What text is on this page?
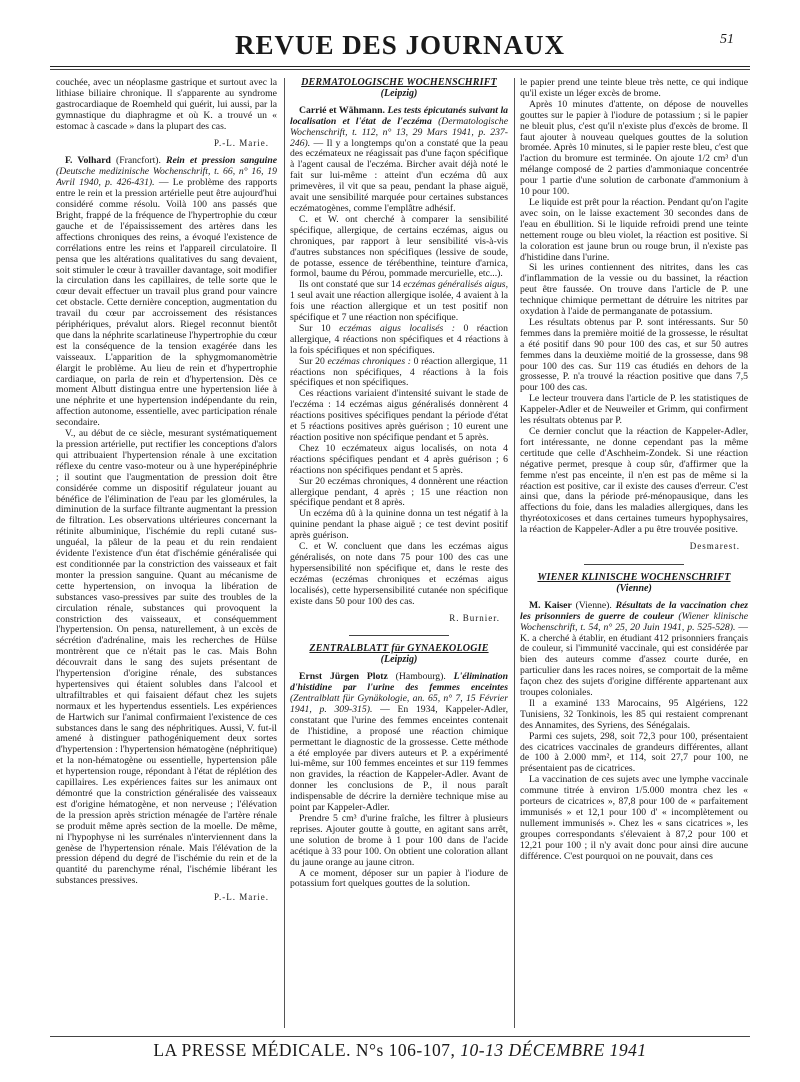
REVUE DES JOURNAUX	51

couchée, avec un néoplasme gastrique et surtout avec la lithiase biliaire chronique. Il s'apparente au syndrome gastrocardiaque de Roemheld qui guérit, lui aussi, par la gymnastique du diaphragme et où K. a trouvé un « estomac à cascade » dans la plupart des cas.

P.-L. Marie.

F. Volhard (Francfort). Rein et pression sanguine (Deutsche medizinische Wochenschrift, t. 66, n° 16, 19 Avril 1940, p. 426-431). — Le problème des rapports entre le rein et la pression artérielle peut être aujourd'hui considéré comme résolu. Voilà 100 ans passés que Bright, frappé de la fréquence de l'hypertrophie du cœur gauche et de l'épaississement des artères dans les affections chroniques des reins, a évoqué l'existence de corrélations entre les reins et l'appareil circulatoire. Il pensa que les altérations qualitatives du sang devaient, soit stimuler le cœur à travailler davantage, soit modifier la circulation dans les capillaires, de telle sorte que le cœur devait effectuer un travail plus grand pour vaincre cet obstacle. Cette dernière conception, augmentation du travail du cœur par accroissement des résistances périphériques, prévalut alors. Riegel reconnut bientôt que dans la néphrite scarlatineuse l'hypertrophie du cœur est la conséquence de la tension exagérée dans les vaisseaux. L'apparition de la sphygmomanomètrie élargit le problème. Au lieu de rein et d'hypertrophie cardiaque, on parla de rein et d'hypertension. Dès ce moment Albutt distingua entre une hypertension liée à une néphrite et une hypertension indépendante du rein, affection autonome, essentielle, avec participation rénale secondaire.

V., au début de ce siècle, mesurant systématiquement la pression artérielle, put rectifier les conceptions d'alors qui attribuaient l'hypertension rénale à une excitation réflexe du centre vaso-moteur ou à une hyperépinéphrie ; il soutint que l'augmentation de pression doit être considérée comme un dispositif régulateur jouant au bénéfice de l'élimination de l'eau par les glomérules, la diminution de la surface filtrante augmentant la pression de filtration. Les observations ultérieures concernant la rétinite albuminique, l'ischémie du repli cutané sus-unguéal, la pâleur de la peau et du rein rendaient évidente l'existence d'un état d'ischémie généralisée qui est conditionnée par la constriction des vaisseaux et fait monter la pression sanguine. Quant au mécanisme de cette hypertension, on invoqua la libération de substances vaso-pressives par suite des troubles de la circulation rénale, substances qui provoquent la constriction des vaisseaux, et conséquemment l'hypertension. On pensa, naturellement, à un excès de sécrétion d'adrénaline, mais les recherches de Hülse montrèrent que ce n'était pas le cas. Mais Bohn découvrait dans le sang des sujets présentant de l'hypertension d'origine rénale, des substances hypertensives qui étaient solubles dans l'alcool et ultrafiltrables et qui faisaient défaut chez les sujets normaux et les hypertendus essentiels. Les expériences de Hartwich sur l'animal confirmaient l'existence de ces substances dans le sang des néphritiques. Aussi, V. fut-il amené à distinguer pathogéniquement deux sortes d'hypertension : l'hypertension hématogène (néphritique) et la non-hématogène ou essentielle, hypertension pâle et hypertension rouge, répondant à l'état de réplétion des capillaires. Les expériences faites sur les animaux ont démontré que la constriction généralisée des vaisseaux est d'origine hématogène, et non nerveuse ; l'élévation de la pression après striction ménagée de l'artère rénale se produit même après section de la moelle. De même, ni l'hypophyse ni les surrénales n'interviennent dans la genèse de l'hypertension rénale. Mais l'élévation de la pression dépend du degré de l'ischémie du rein et de la quantité du parenchyme rénal, l'ischémie libérant les substances pressives.

P.-L. Marie.
DERMATOLOGISCHE WOCHENSCHRIFT
(Leipzig)

Carrié et Wähmann. Les tests épicutanés suivant la localisation et l'état de l'eczéma (Dermatologische Wochenschrift, t. 112, n° 13, 29 Mars 1941, p. 237-246). — Il y a longtemps qu'on a constaté que la peau des eczémateux ne réagissait pas d'une façon spécifique à l'agent causal de l'eczéma. Bircher avait déjà noté le fait sur lui-même : atteint d'un eczéma dû aux primevères, il vit que sa peau, pendant la phase aiguë, avait une sensibilité marquée pour certaines substances eczématogènes, comme l'emplâtre adhésif.

C. et W. ont cherché à comparer la sensibilité spécifique, allergique, de certains eczémas, aigus ou chroniques, par rapport à leur sensibilité vis-à-vis d'autres substances non spécifiques (lessive de soude, de potasse, essence de térébenthine, teinture d'arnica, formol, baume du Pérou, pommade mercurielle, etc...).

Ils ont constaté que sur 14 eczémas généralisés aigus, 1 seul avait une réaction allergique isolée, 4 avaient à la fois une réaction allergique et un test positif non spécifique et 7 une réaction non spécifique.

Sur 10 eczémas aigus localisés : 0 réaction allergique, 4 réactions non spécifiques et 4 réactions à la fois spécifiques et non spécifiques.

Sur 20 eczémas chroniques : 0 réaction allergique, 11 réactions non spécifiques, 4 réactions à la fois spécifiques et non spécifiques.

Ces réactions variaient d'intensité suivant le stade de l'eczéma : 14 eczémas aigus généralisés donnèrent 4 réactions positives spécifiques pendant la période d'état et 5 réactions positives après guérison ; 10 eurent une réaction positive non spécifique pendant et 5 après.

Chez 10 eczémateux aigus localisés, on nota 4 réactions spécifiques pendant et 4 après guérison ; 6 réactions non spécifiques pendant et 5 après.

Sur 20 eczémas chroniques, 4 donnèrent une réaction allergique pendant, 4 après ; 15 une réaction non spécifique pendant et 8 après.

Un eczéma dû à la quinine donna un test négatif à la quinine pendant la phase aiguë ; ce test devint positif après guérison.

C. et W. concluent que dans les eczémas aigus généralisés, on note dans 75 pour 100 des cas une hypersensibilité non spécifique et, dans le reste des eczémas (eczémas chroniques et eczémas aigus localisés), cette hypersensibilité cutanée non spécifique existe dans 50 pour 100 des cas.

R. Burnier.
ZENTRALBLATT für GYNAEKOLOGIE
(Leipzig)

Ernst Jürgen Plotz (Hambourg). L'élimination d'histidine par l'urine des femmes enceintes (Zentralblatt für Gynäkologie, an. 65, n° 7, 15 Février 1941, p. 309-315). — En 1934, Kappeler-Adler, constatant que l'urine des femmes enceintes contenait de l'histidine, a proposé une réaction chimique permettant le diagnostic de la grossesse. Cette méthode a été employée par divers auteurs et P. a expérimenté lui-même, sur 100 femmes enceintes et sur 119 femmes non gravides, la réaction de Kappeler-Adler. Avant de donner les conclusions de P., il nous paraît indispensable de décrire la dernière technique mise au point par Kappeler-Adler.

Prendre 5 cm³ d'urine fraîche, les filtrer à plusieurs reprises. Ajouter goutte à goutte, en agitant sans arrêt, une solution de brome à 1 pour 100 dans de l'acide acétique à 33 pour 100. On obtient une coloration allant du jaune orange au jaune citron.

A ce moment, déposer sur un papier à l'iodure de potassium fort quelques gouttes de la solution.

le papier prend une teinte bleue très nette, ce qui indique qu'il existe un léger excès de brome.

Après 10 minutes d'attente, on dépose de nouvelles gouttes sur le papier à l'iodure de potassium ; si le papier ne bleuit plus, c'est qu'il n'existe plus d'excès de brome. Il faut ajouter à nouveau quelques gouttes de la solution bromée. Après 10 minutes, si le papier reste bleu, c'est que l'action du bromure est terminée. On ajoute 1/2 cm³ d'un mélange composé de 2 parties d'ammoniaque concentrée pour 1 partie d'une solution de carbonate d'ammonium à 10 pour 100.

Le liquide est prêt pour la réaction. Pendant qu'on l'agite avec soin, on le laisse exactement 30 secondes dans de l'eau en ébullition. Si le liquide refroidi prend une teinte nettement rouge ou bleu violet, la réaction est positive. Si la coloration est jaune brun ou rouge brun, il n'existe pas d'histidine dans l'urine.

Si les urines contiennent des nitrites, dans les cas d'inflammation de la vessie ou du bassinet, la réaction peut être faussée. On trouve dans l'article de P. une technique chimique permettant de détruire les nitrites par oxydation à l'aide de permanganate de potassium.

Les résultats obtenus par P. sont intéressants. Sur 50 femmes dans la première moitié de la grossesse, le résultat a été positif dans 90 pour 100 des cas, et sur 50 autres femmes dans la deuxième moitié de la grossesse, dans 98 pour 100 des cas. Sur 119 cas étudiés en dehors de la grossesse, P. n'a trouvé la réaction positive que dans 7,5 pour 100 des cas.

Le lecteur trouvera dans l'article de P. les statistiques de Kappeler-Adler et de Neuweiler et Grimm, qui confirment les résultats obtenus par P.

Ce dernier conclut que la réaction de Kappeler-Adler, fort intéressante, ne donne cependant pas la même certitude que celle d'Aschheim-Zondek. Si une réaction négative permet, presque à coup sûr, d'affirmer que la femme n'est pas enceinte, il n'en est pas de même si la réaction est positive, car il existe des causes d'erreur. C'est ainsi que, dans la période pré-ménopausique, dans les affections du foie, dans les maladies allergiques, dans les thyréotoxicoses et dans certaines tumeurs hypophysaires, la réaction de Kappeler-Adler a pu être trouvée positive.

Desmarest.
WIENER KLINISCHE WOCHENSCHRIFT
(Vienne)

M. Kaiser (Vienne). Résultats de la vaccination chez les prisonniers de guerre de couleur (Wiener klinische Wochenschrift, t. 54, n° 25, 20 Juin 1941, p. 525-528). — K. a cherché à établir, en étudiant 412 prisonniers français de couleur, si l'immunité vaccinale, qui est considérée par bien des auteurs comme d'assez courte durée, en particulier dans les races noires, se comportait de la même façon chez des sujets d'origine différente appartenant aux troupes coloniales.

Il a examiné 133 Marocains, 95 Algériens, 122 Tunisiens, 32 Tonkinois, les 85 qui restaient comprenant des Annamites, des Syriens, des Sénégalais.

Parmi ces sujets, 298, soit 72,3 pour 100, présentaient des cicatrices vaccinales de grandeurs différentes, allant de 100 à 2.000 mm², et 114, soit 27,7 pour 100, ne présentaient pas de cicatrices.

La vaccination de ces sujets avec une lymphe vaccinale commune titrée à environ 1/5.000 montra chez les « porteurs de cicatrices », 87,8 pour 100 de « parfaitement immunisés » et 12,1 pour 100 d' « incomplètement ou nullement immunisés ». Chez les « sans cicatrices », les groupes correspondants s'élevaient à 87,2 pour 100 et 12,21 pour 100 ; il n'y avait donc pour ainsi dire aucune différence. C'est pourquoi on ne pouvait, dans ces

LA PRESSE MÉDICALE. N°s 106-107, 10-13 DÉCEMBRE 1941
